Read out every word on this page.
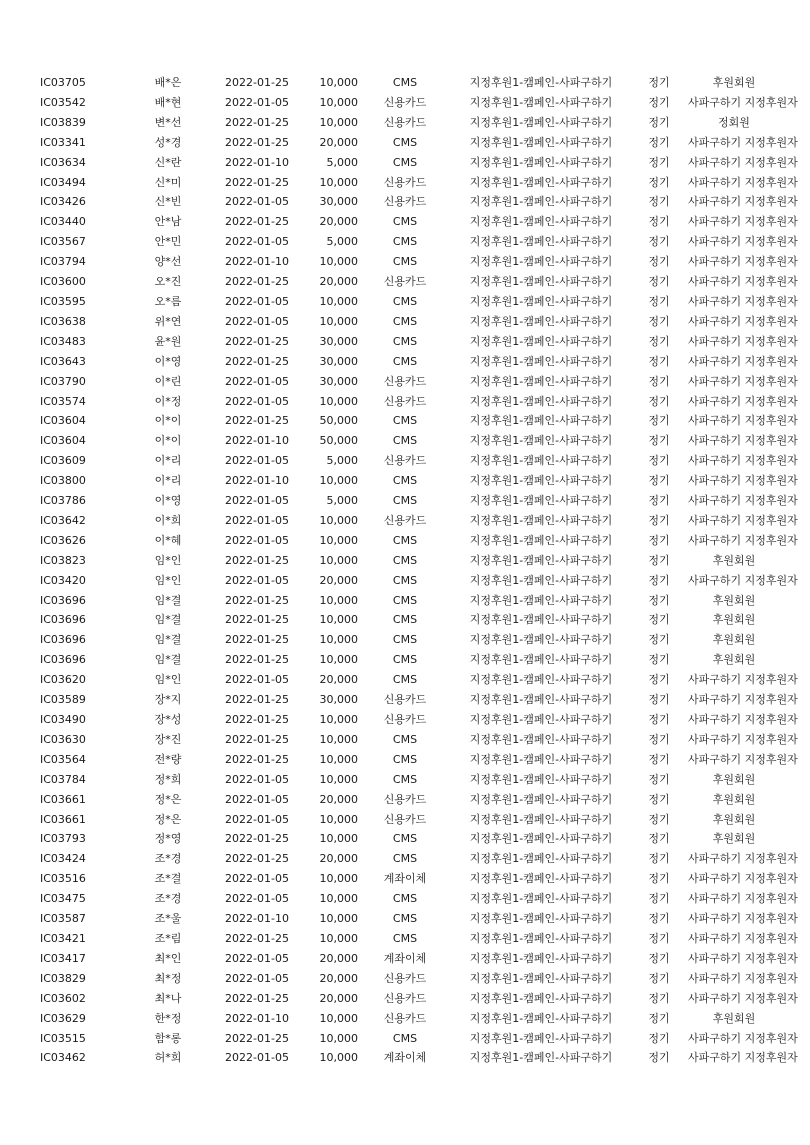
IC03705	배*은	2022-01-25	10,000	CMS	지정후원1-캠페인-사파구하기	정기	후원회원
IC03542	배*현	2022-01-05	10,000	신용카드	지정후원1-캠페인-사파구하기	정기	사파구하기 지정후원자
IC03839	변*선	2022-01-25	10,000	신용카드	지정후원1-캠페인-사파구하기	정기	정회원
IC03341	성*경	2022-01-25	20,000	CMS	지정후원1-캠페인-사파구하기	정기	사파구하기 지정후원자
IC03634	신*란	2022-01-10	5,000	CMS	지정후원1-캠페인-사파구하기	정기	사파구하기 지정후원자
IC03494	신*미	2022-01-25	10,000	신용카드	지정후원1-캠페인-사파구하기	정기	사파구하기 지정후원자
IC03426	신*빈	2022-01-05	30,000	신용카드	지정후원1-캠페인-사파구하기	정기	사파구하기 지정후원자
IC03440	안*남	2022-01-25	20,000	CMS	지정후원1-캠페인-사파구하기	정기	사파구하기 지정후원자
IC03567	안*민	2022-01-05	5,000	CMS	지정후원1-캠페인-사파구하기	정기	사파구하기 지정후원자
IC03794	양*선	2022-01-10	10,000	CMS	지정후원1-캠페인-사파구하기	정기	사파구하기 지정후원자
IC03600	오*진	2022-01-25	20,000	신용카드	지정후원1-캠페인-사파구하기	정기	사파구하기 지정후원자
IC03595	오*름	2022-01-05	10,000	CMS	지정후원1-캠페인-사파구하기	정기	사파구하기 지정후원자
IC03638	위*연	2022-01-05	10,000	CMS	지정후원1-캠페인-사파구하기	정기	사파구하기 지정후원자
IC03483	윤*원	2022-01-25	30,000	CMS	지정후원1-캠페인-사파구하기	정기	사파구하기 지정후원자
IC03643	이*영	2022-01-25	30,000	CMS	지정후원1-캠페인-사파구하기	정기	사파구하기 지정후원자
IC03790	이*린	2022-01-05	30,000	신용카드	지정후원1-캠페인-사파구하기	정기	사파구하기 지정후원자
IC03574	이*정	2022-01-05	10,000	신용카드	지정후원1-캠페인-사파구하기	정기	사파구하기 지정후원자
IC03604	이*이	2022-01-25	50,000	CMS	지정후원1-캠페인-사파구하기	정기	사파구하기 지정후원자
IC03604	이*이	2022-01-10	50,000	CMS	지정후원1-캠페인-사파구하기	정기	사파구하기 지정후원자
IC03609	이*리	2022-01-05	5,000	신용카드	지정후원1-캠페인-사파구하기	정기	사파구하기 지정후원자
IC03800	이*리	2022-01-10	10,000	CMS	지정후원1-캠페인-사파구하기	정기	사파구하기 지정후원자
IC03786	이*영	2022-01-05	5,000	CMS	지정후원1-캠페인-사파구하기	정기	사파구하기 지정후원자
IC03642	이*희	2022-01-05	10,000	신용카드	지정후원1-캠페인-사파구하기	정기	사파구하기 지정후원자
IC03626	이*혜	2022-01-05	10,000	CMS	지정후원1-캠페인-사파구하기	정기	사파구하기 지정후원자
IC03823	임*인	2022-01-25	10,000	CMS	지정후원1-캠페인-사파구하기	정기	후원회원
IC03420	임*인	2022-01-05	20,000	CMS	지정후원1-캠페인-사파구하기	정기	사파구하기 지정후원자
IC03696	임*결	2022-01-25	10,000	CMS	지정후원1-캠페인-사파구하기	정기	후원회원
IC03696	임*결	2022-01-25	10,000	CMS	지정후원1-캠페인-사파구하기	정기	후원회원
IC03696	임*결	2022-01-25	10,000	CMS	지정후원1-캠페인-사파구하기	정기	후원회원
IC03696	임*결	2022-01-25	10,000	CMS	지정후원1-캠페인-사파구하기	정기	후원회원
IC03620	임*인	2022-01-05	20,000	CMS	지정후원1-캠페인-사파구하기	정기	사파구하기 지정후원자
IC03589	장*지	2022-01-25	30,000	신용카드	지정후원1-캠페인-사파구하기	정기	사파구하기 지정후원자
IC03490	장*성	2022-01-25	10,000	신용카드	지정후원1-캠페인-사파구하기	정기	사파구하기 지정후원자
IC03630	장*진	2022-01-25	10,000	CMS	지정후원1-캠페인-사파구하기	정기	사파구하기 지정후원자
IC03564	전*량	2022-01-25	10,000	CMS	지정후원1-캠페인-사파구하기	정기	사파구하기 지정후원자
IC03784	정*희	2022-01-05	10,000	CMS	지정후원1-캠페인-사파구하기	정기	후원회원
IC03661	정*은	2022-01-05	20,000	신용카드	지정후원1-캠페인-사파구하기	정기	후원회원
IC03661	정*은	2022-01-05	10,000	신용카드	지정후원1-캠페인-사파구하기	정기	후원회원
IC03793	정*영	2022-01-25	10,000	CMS	지정후원1-캠페인-사파구하기	정기	후원회원
IC03424	조*경	2022-01-25	20,000	CMS	지정후원1-캠페인-사파구하기	정기	사파구하기 지정후원자
IC03516	조*결	2022-01-05	10,000	계좌이체	지정후원1-캠페인-사파구하기	정기	사파구하기 지정후원자
IC03475	조*경	2022-01-05	10,000	CMS	지정후원1-캠페인-사파구하기	정기	사파구하기 지정후원자
IC03587	조*울	2022-01-10	10,000	CMS	지정후원1-캠페인-사파구하기	정기	사파구하기 지정후원자
IC03421	조*림	2022-01-25	10,000	CMS	지정후원1-캠페인-사파구하기	정기	사파구하기 지정후원자
IC03417	최*인	2022-01-05	20,000	계좌이체	지정후원1-캠페인-사파구하기	정기	사파구하기 지정후원자
IC03829	최*정	2022-01-05	20,000	신용카드	지정후원1-캠페인-사파구하기	정기	사파구하기 지정후원자
IC03602	최*나	2022-01-25	20,000	신용카드	지정후원1-캠페인-사파구하기	정기	사파구하기 지정후원자
IC03629	한*정	2022-01-10	10,000	신용카드	지정후원1-캠페인-사파구하기	정기	후원회원
IC03515	함*롱	2022-01-25	10,000	CMS	지정후원1-캠페인-사파구하기	정기	사파구하기 지정후원자
IC03462	허*희	2022-01-05	10,000	계좌이체	지정후원1-캠페인-사파구하기	정기	사파구하기 지정후원자
